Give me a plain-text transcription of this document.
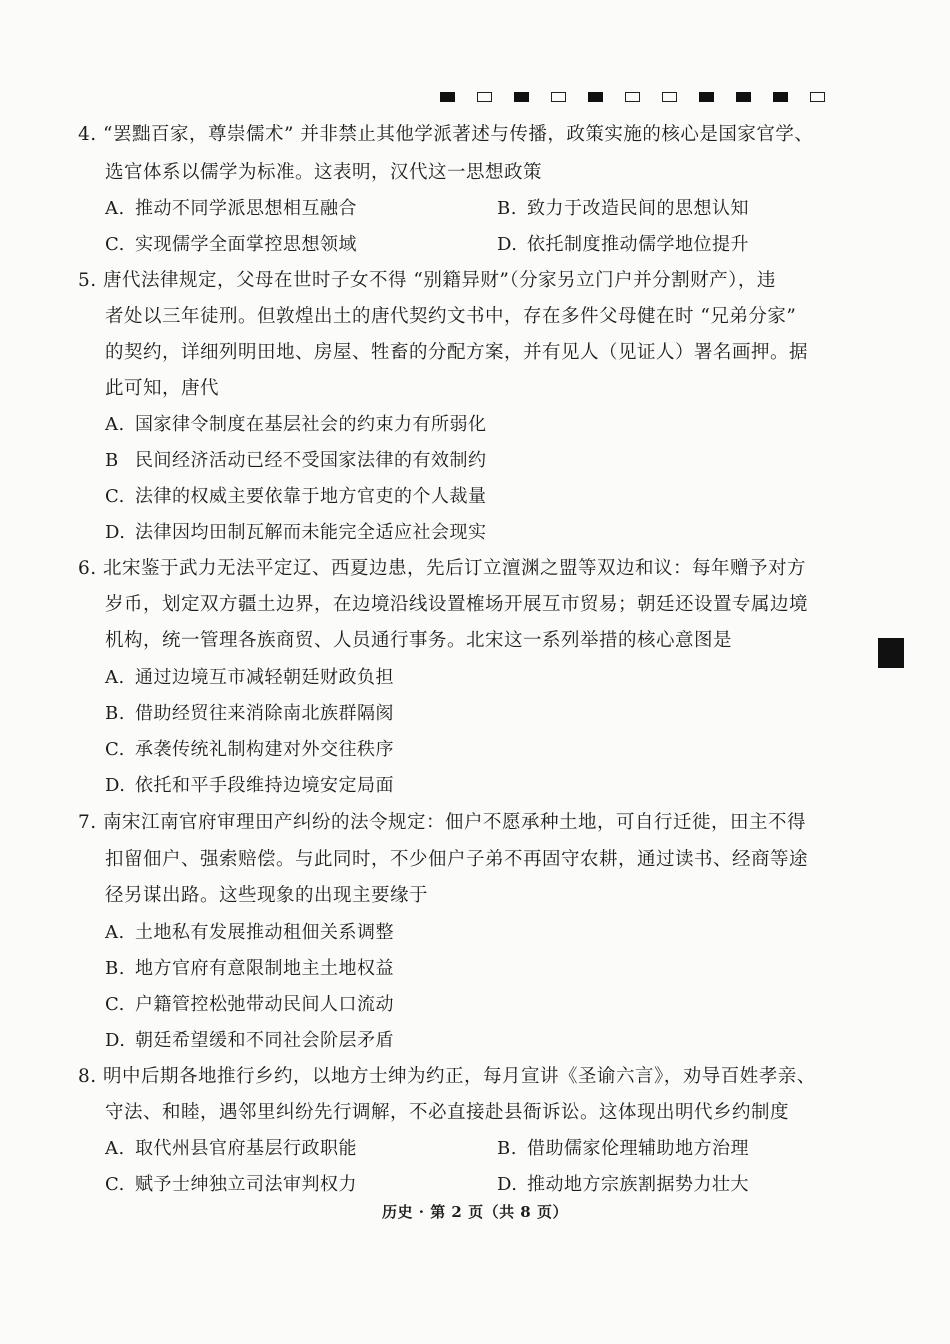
4. “罢黜百家，尊崇儒术” 并非禁止其他学派著述与传播，政策实施的核心是国家官学、
选官体系以儒学为标准。这表明，汉代这一思想政策
A. 推动不同学派思想相互融合	B. 致力于改造民间的思想认知
C. 实现儒学全面掌控思想领域	D. 依托制度推动儒学地位提升
5. 唐代法律规定，父母在世时子女不得 “别籍异财”（分家另立门户并分割财产），违
者处以三年徒刑。但敦煌出土的唐代契约文书中，存在多件父母健在时 “兄弟分家”
的契约，详细列明田地、房屋、牲畜的分配方案，并有见人（见证人）署名画押。据
此可知，唐代
A. 国家律令制度在基层社会的约束力有所弱化
B 民间经济活动已经不受国家法律的有效制约
C. 法律的权威主要依靠于地方官吏的个人裁量
D. 法律因均田制瓦解而未能完全适应社会现实
6. 北宋鉴于武力无法平定辽、西夏边患，先后订立澶渊之盟等双边和议：每年赠予对方
岁币，划定双方疆土边界，在边境沿线设置榷场开展互市贸易；朝廷还设置专属边境
机构，统一管理各族商贸、人员通行事务。北宋这一系列举措的核心意图是
A. 通过边境互市减轻朝廷财政负担
B. 借助经贸往来消除南北族群隔阂
C. 承袭传统礼制构建对外交往秩序
D. 依托和平手段维持边境安定局面
7. 南宋江南官府审理田产纠纷的法令规定：佃户不愿承种土地，可自行迁徙，田主不得
扣留佃户、强索赔偿。与此同时，不少佃户子弟不再固守农耕，通过读书、经商等途
径另谋出路。这些现象的出现主要缘于
A. 土地私有发展推动租佃关系调整
B. 地方官府有意限制地主土地权益
C. 户籍管控松弛带动民间人口流动
D. 朝廷希望缓和不同社会阶层矛盾
8. 明中后期各地推行乡约，以地方士绅为约正，每月宣讲《圣谕六言》，劝导百姓孝亲、
守法、和睦，遇邻里纠纷先行调解，不必直接赴县衙诉讼。这体现出明代乡约制度
A. 取代州县官府基层行政职能	B. 借助儒家伦理辅助地方治理
C. 赋予士绅独立司法审判权力	D. 推动地方宗族割据势力壮大
历史 · 第 2 页（共 8 页）
